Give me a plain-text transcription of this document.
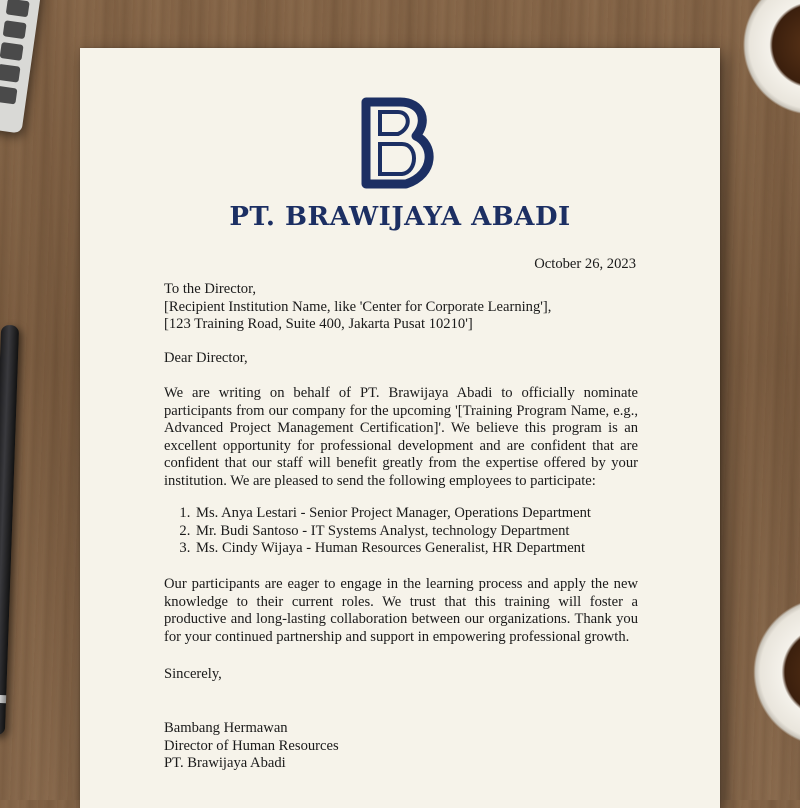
PT. BRAWIJAYA ABADI
October 26, 2023
To the Director,
[Recipient Institution Name, like 'Center for Corporate Learning'],
[123 Training Road, Suite 400, Jakarta Pusat 10210']
Dear Director,
We are writing on behalf of PT. Brawijaya Abadi to officially nominate participants from our company for the upcoming '[Training Program Name, e.g., Advanced Project Management Certification]'. We believe this program is an excellent opportunity for professional development and are confident that are confident that our staff will benefit greatly from the expertise offered by your institution. We are pleased to send the following employees to participate:
1. Ms. Anya Lestari - Senior Project Manager, Operations Department
2. Mr. Budi Santoso - IT Systems Analyst, technology Department
3. Ms. Cindy Wijaya - Human Resources Generalist, HR Department
Our participants are eager to engage in the learning process and apply the new knowledge to their current roles. We trust that this training will foster a productive and long-lasting collaboration between our organizations. Thank you for your continued partnership and support in empowering professional growth.
Sincerely,
Bambang Hermawan
Director of Human Resources
PT. Brawijaya Abadi
